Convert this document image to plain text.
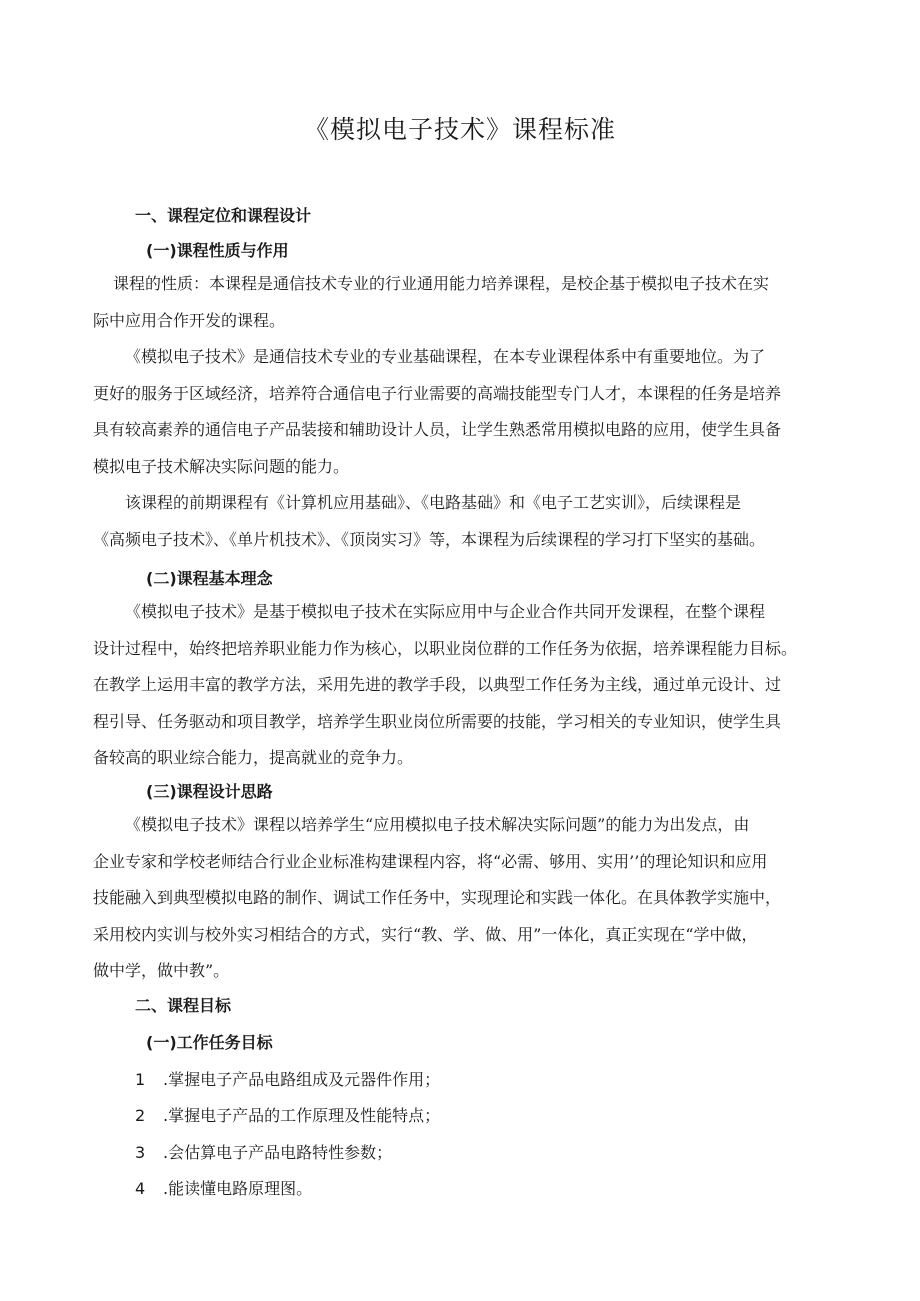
《模拟电子技术》课程标准
一、课程定位和课程设计
(一)课程性质与作用

课程的性质：本课程是通信技术专业的行业通用能力培养课程，是校企基于模拟电子技术在实
际中应用合作开发的课程。

《模拟电子技术》是通信技术专业的专业基础课程，在本专业课程体系中有重要地位。为了
更好的服务于区域经济，培养符合通信电子行业需要的高端技能型专门人才，本课程的任务是培养
具有较高素养的通信电子产品装接和辅助设计人员，让学生熟悉常用模拟电路的应用，使学生具备
模拟电子技术解决实际问题的能力。

该课程的前期课程有《计算机应用基础》、《电路基础》和《电子工艺实训》，后续课程是
《高频电子技术》、《单片机技术》、《顶岗实习》等，本课程为后续课程的学习打下坚实的基础。

(二)课程基本理念

《模拟电子技术》是基于模拟电子技术在实际应用中与企业合作共同开发课程，在整个课程
设计过程中，始终把培养职业能力作为核心，以职业岗位群的工作任务为依据，培养课程能力目标。
在教学上运用丰富的教学方法，采用先进的教学手段，以典型工作任务为主线，通过单元设计、过
程引导、任务驱动和项目教学，培养学生职业岗位所需要的技能，学习相关的专业知识，使学生具
备较高的职业综合能力，提高就业的竞争力。

(三)课程设计思路

《模拟电子技术》课程以培养学生“应用模拟电子技术解决实际问题”的能力为出发点，由
企业专家和学校老师结合行业企业标准构建课程内容，将“必需、够用、实用’’的理论知识和应用
技能融入到典型模拟电路的制作、调试工作任务中，实现理论和实践一体化。在具体教学实施中，
采用校内实训与校外实习相结合的方式，实行“教、学、做、用”一体化，真正实现在“学中做，
做中学，做中教”。

二、课程目标
(一)工作任务目标

1 .掌握电子产品电路组成及元器件作用；

2 .掌握电子产品的工作原理及性能特点；

3 .会估算电子产品电路特性参数；

4 .能读懂电路原理图。
